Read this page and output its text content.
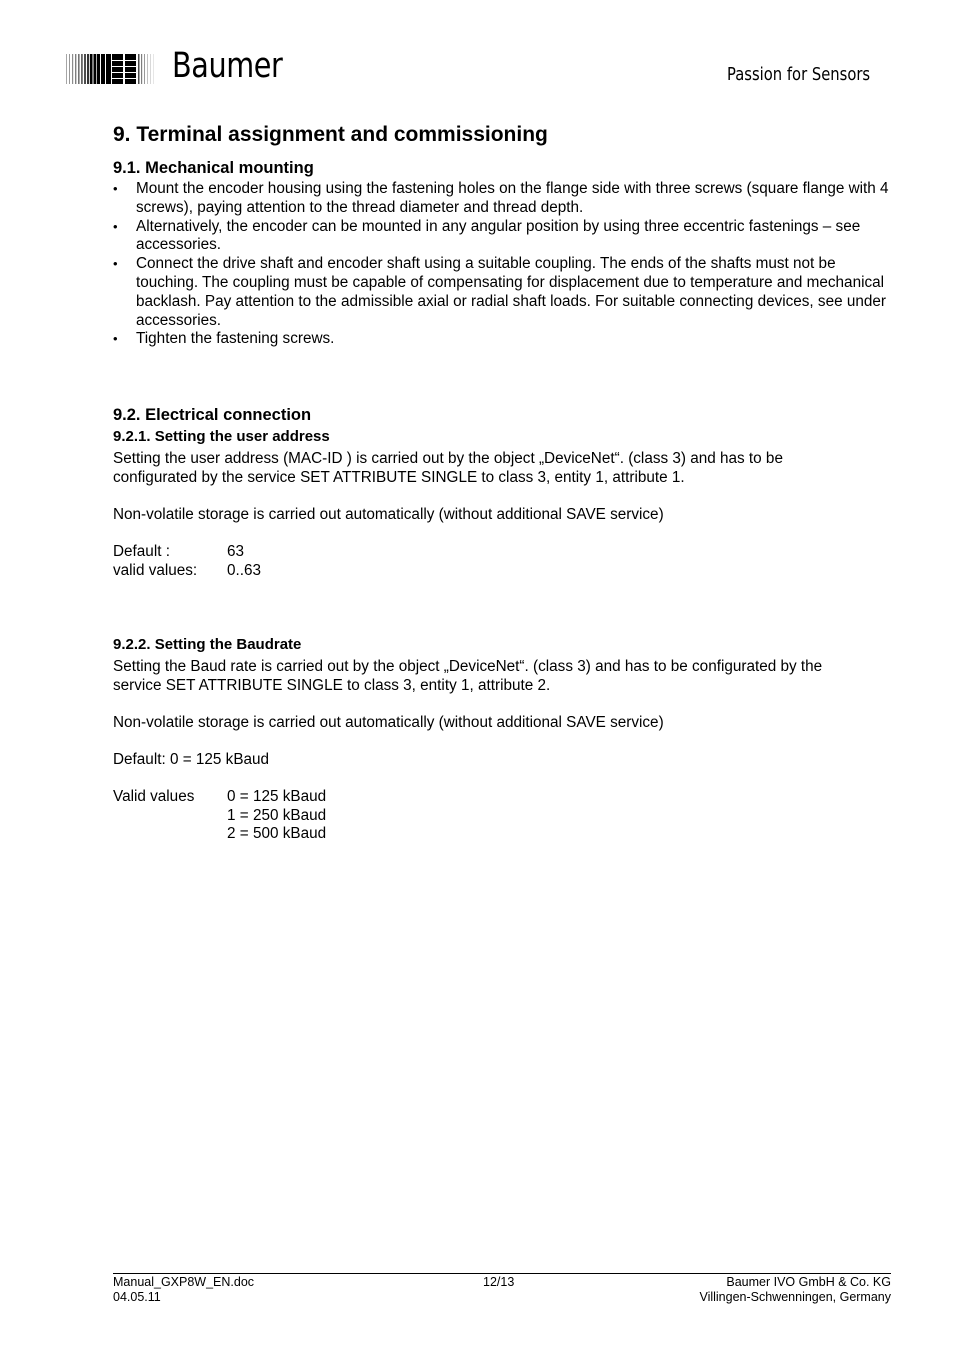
Baumer	Passion for Sensors
9. Terminal assignment and commissioning
9.1. Mechanical mounting
• Mount the encoder housing using the fastening holes on the flange side with three screws (square flange with 4 screws), paying attention to the thread diameter and thread depth.
• Alternatively, the encoder can be mounted in any angular position by using three eccentric fastenings – see accessories.
• Connect the drive shaft and encoder shaft using a suitable coupling. The ends of the shafts must not be touching. The coupling must be capable of compensating for displacement due to temperature and mechanical backlash. Pay attention to the admissible axial or radial shaft loads. For suitable connecting devices, see under accessories.
• Tighten the fastening screws.
9.2. Electrical connection
9.2.1. Setting the user address
Setting the user address (MAC-ID ) is carried out by the object „DeviceNet“. (class 3) and has to be
configurated by the service SET ATTRIBUTE SINGLE to class 3, entity 1, attribute 1.
Non-volatile storage is carried out automatically (without additional SAVE service)
Default :	63
valid values: 0..63
9.2.2. Setting the Baudrate
Setting the Baud rate is carried out by the object „DeviceNet“. (class 3) and has to be configurated by the
service SET ATTRIBUTE SINGLE to class 3, entity 1, attribute 2.
Non-volatile storage is carried out automatically (without additional SAVE service)
Default: 0 = 125 kBaud
Valid values 0 = 125 kBaud
1 = 250 kBaud
2 = 500 kBaud
Manual_GXP8W_EN.doc
04.05.11
12/13	Baumer IVO GmbH & Co. KG
Villingen-Schwenningen, Germany
